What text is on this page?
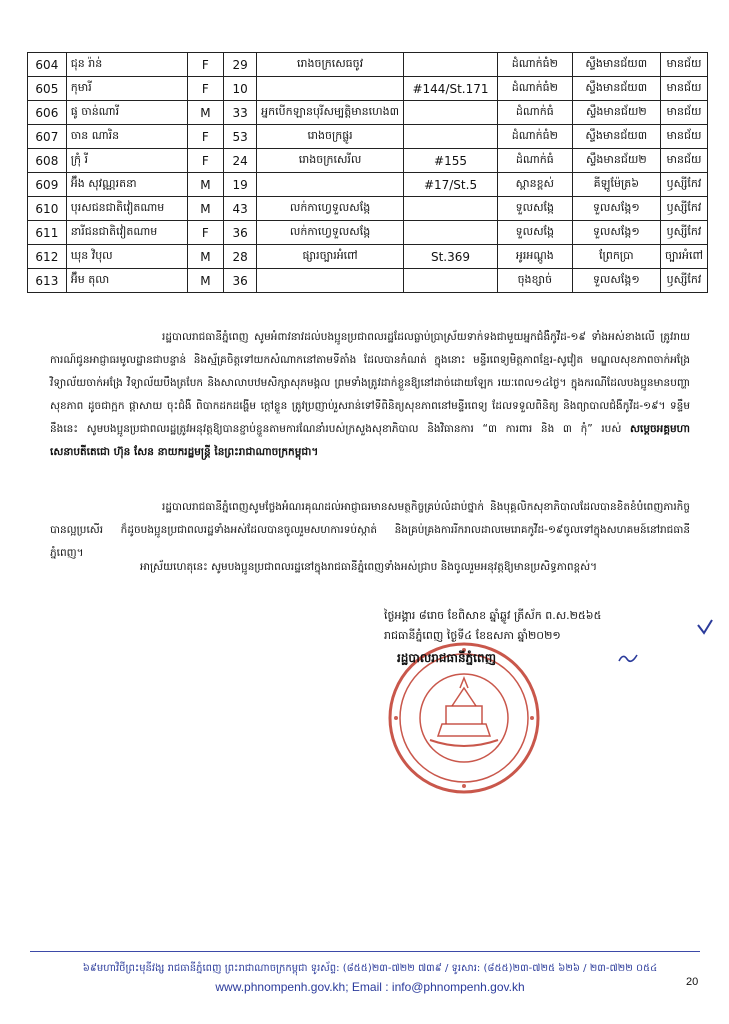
604	ជុន រ៉ាន់	F	29	រោងចក្រសេធចូវ		ដំណាក់ធំ២	ស្ទឹងមានជ័យ៣	មានជ័យ
605	កុមារី	F	10		#144/St.171	ដំណាក់ធំ២	ស្ទឹងមានជ័យ៣	មានជ័យ
606	ផូ ចាន់ណារី	M	33	អ្នកបើកឡានបុរីសម្បត្តិមានហេង៣		ដំណាក់ធំ	ស្ទឹងមានជ័យ២	មានជ័យ
607	ចាន ណារិន	F	53	រោងចក្រផ្លូរ		ដំណាក់ធំ២	ស្ទឹងមានជ័យ៣	មានជ័យ
608	ក្រុំ រី	F	24	រោងចក្រសេរីល	#155	ដំណាក់ធំ	ស្ទឹងមានជ័យ២	មានជ័យ
609	អ៊ឹង សុវណ្ណរតនា	M	19		#17/St.5	ស្ពានខ្ពស់	គីឡូម៉ែត្រ៦	ឫស្សីកែវ
610	បុរសជនជាតិវៀតណាម	M	43	លក់កាហ្វេទួលសង្កែ		ទួលសង្កែ	ទួលសង្កែ១	ឫស្សីកែវ
611	នារីជនជាតិវៀតណាម	F	36	លក់កាហ្វេទួលសង្កែ		ទួលសង្កែ	ទួលសង្កែ១	ឫស្សីកែវ
612	ឃុន វិបុល	M	28	ផ្សារច្បារអំពៅ	St.369	អូរអណ្តូង	ព្រែកប្រា	ច្បារអំពៅ
613	អ៊ឹម តុលា	M	36			ចុងខ្សាច់	ទួលសង្កែ១	ឫស្សីកែវ
រដ្ឋបាលរាជធានីភ្នំពេញ សូមអំពាវនាវដល់បងប្អូនប្រជាពលរដ្ឋដែលធ្លាប់ប្រាស្រ័យទាក់ទងជាមួយអ្នកជំងឺកូវីដ-១៩ ទាំងអស់ខាងលើ ត្រូវរាយការណ៍ជូនអាជ្ញាធរមូលដ្ឋានជាបន្ទាន់ និងស្ម័គ្រចិត្តទៅយកសំណាកនៅតាមទីតាំង ដែលបានកំណត់ ក្នុងនោះ មន្ទីរពេទ្យមិត្តភាពខ្មែរ-សូវៀត មណ្ឌលសុខភាពចាក់អង្រែ វិទ្យាល័យចាក់អង្រែ វិទ្យាល័យបឹងត្របែក និងសាលាបឋមសិក្សាសុភមង្គល ព្រមទាំងត្រូវដាក់ខ្លួនឱ្យនៅដាច់ដោយឡែក រយៈពេល១៤ថ្ងៃ។ ក្នុងករណីដែលបងប្អូនមានបញ្ហាសុខភាព ដូចជាក្អក ផ្តាសាយ ចុះជំងឺ ពិបាកដកដង្ហើម ក្តៅខ្លួន ត្រូវប្រញាប់រួសរាន់ទៅទីពិនិត្យសុខភាពនៅមន្ទីរពេទ្យ ដែលទទួលពិនិត្យ និងព្យាបាលជំងឺកូវីដ-១៩។ ទន្ទឹមនឹងនេះ សូមបងប្អូនប្រជាពលរដ្ឋត្រូវអនុវត្តឱ្យបានខ្ជាប់ខ្ជួនតាមការណែនាំរបស់ក្រសួងសុខាភិបាល និងវិធានការ “៣ ការពារ និង ៣ កុំ” របស់ សម្តេចអគ្គមហាសេនាបតីតេជោ ហ៊ុន សែន នាយករដ្ឋមន្ត្រី នៃព្រះរាជាណាចក្រកម្ពុជា។
រដ្ឋបាលរាជធានីភ្នំពេញសូមថ្លែងអំណរគុណដល់អាជ្ញាធរមានសមត្ថកិច្ចគ្រប់លំដាប់ថ្នាក់ និងបុគ្គលិកសុខាភិបាលដែលបានខិតខំបំពេញភារកិច្ចបានល្អប្រសើរ ក៏ដូចបងប្អូនប្រជាពលរដ្ឋទាំងអស់ដែលបានចូលរួមសហការទប់ស្កាត់ និងគ្រប់គ្រងការរីករាលដាលមេរោគកូវីដ-១៩ចូលទៅក្នុងសហគមន៍នៅរាជធានីភ្នំពេញ។
អាស្រ័យហេតុនេះ សូមបងប្អូនប្រជាពលរដ្ឋនៅក្នុងរាជធានីភ្នំពេញទាំងអស់ជ្រាប និងចូលរួមអនុវត្តឱ្យមានប្រសិទ្ធភាពខ្ពស់។
ថ្ងៃអង្គារ ៨រោច ខែពិសាខ ឆ្នាំឆ្លូវ ត្រីស័ក ព.ស.២៥៦៥
រាជធានីភ្នំពេញ ថ្ងៃទី៤ ខែឧសភា ឆ្នាំ២០២១
រដ្ឋបាលរាជធានីភ្នំពេញ
៦៩មហាវិថីព្រះមុនីវង្ស រាជធានីភ្នំពេញ ព្រះរាជាណាចក្រកម្ពុជា ទូរស័ព្ទ: (៨៥៥)២៣-៧២២ ៧៣៩ / ទូរសារ: (៨៥៥)២៣-៧២៥ ៦២៦ / ២៣-៧២២ ០៥៤
www.phnompenh.gov.kh; Email : info@phnompenh.gov.kh	20
